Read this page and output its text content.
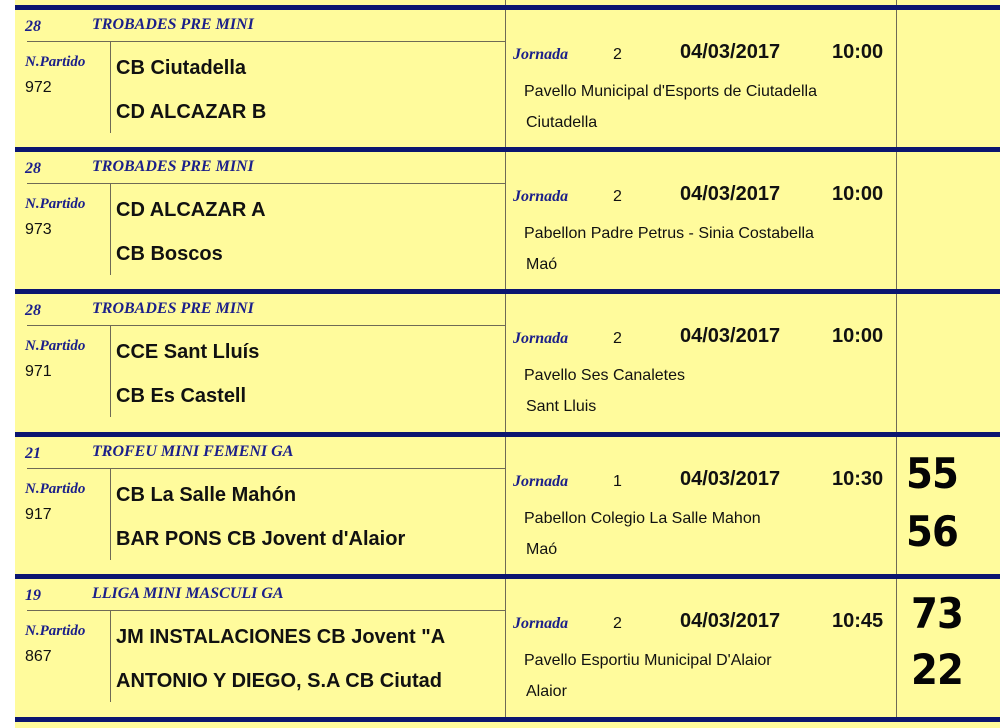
28	TROBADES PRE MINI
N.Partido
972
CB Ciutadella
CD ALCAZAR B
Jornada	2	04/03/2017	10:00
Pavello Municipal d'Esports de Ciutadella
Ciutadella
28	TROBADES PRE MINI
N.Partido
973
CD ALCAZAR A
CB Boscos
Jornada	2	04/03/2017	10:00
Pabellon Padre Petrus - Sinia Costabella
Maó
28	TROBADES PRE MINI
N.Partido
971
CCE Sant Lluís
CB Es Castell
Jornada	2	04/03/2017	10:00
Pavello Ses Canaletes
Sant Lluis
21	TROFEU MINI FEMENI GA
N.Partido
917
CB La Salle Mahón
BAR PONS CB Jovent d'Alaior
Jornada	1	04/03/2017	10:30
Pabellon Colegio La Salle Mahon
Maó
55
56
19	LLIGA MINI MASCULI GA
N.Partido
867
JM INSTALACIONES CB Jovent "A
ANTONIO Y DIEGO, S.A CB Ciutad
Jornada	2	04/03/2017	10:45
Pavello Esportiu Municipal D'Alaior
Alaior
73
22
